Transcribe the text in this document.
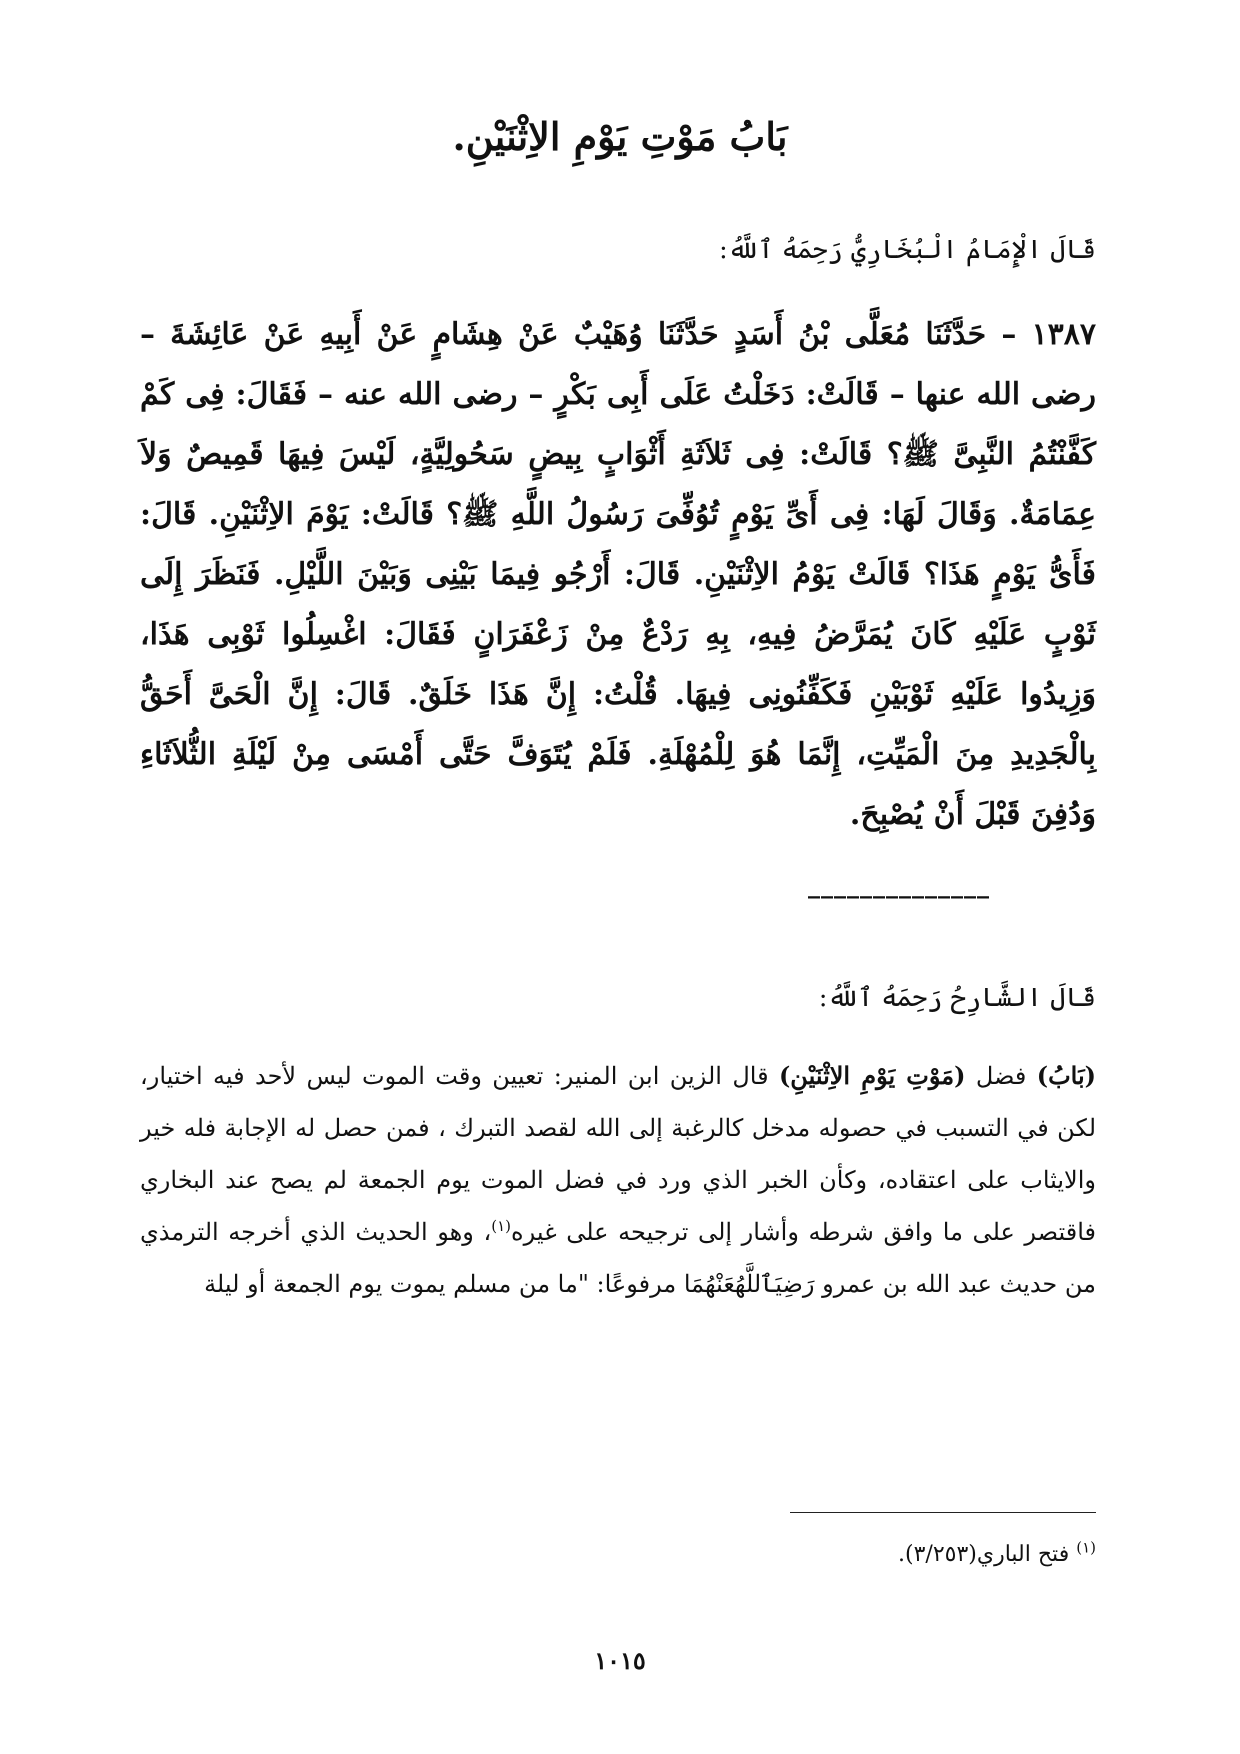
بَابُ مَوْتِ يَوْمِ الاِثْنَيْنِ.
قَالَ الْإِمَامُ الْبُخَارِيُّ رَحِمَهُ ٱللَّهُ:

١٣٨٧ – حَدَّثَنَا مُعَلَّى بْنُ أَسَدٍ حَدَّثَنَا وُهَيْبٌ عَنْ هِشَامٍ عَنْ أَبِيهِ عَنْ عَائِشَةَ – رضى الله عنها – قَالَتْ: دَخَلْتُ عَلَى أَبِى بَكْرٍ – رضى الله عنه – فَقَالَ: فِى كَمْ كَفَّنْتُمُ النَّبِىَّ ﷺ؟ قَالَتْ: فِى ثَلاَثَةِ أَثْوَابٍ بِيضٍ سَحُولِيَّةٍ، لَيْسَ فِيهَا قَمِيصٌ وَلاَ عِمَامَةٌ. وَقَالَ لَهَا: فِى أَىِّ يَوْمٍ تُوُفِّىَ رَسُولُ اللَّهِ ﷺ؟ قَالَتْ: يَوْمَ الاِثْنَيْنِ. قَالَ: فَأَىُّ يَوْمٍ هَذَا؟ قَالَتْ يَوْمُ الاِثْنَيْنِ. قَالَ: أَرْجُو فِيمَا بَيْنِى وَبَيْنَ اللَّيْلِ. فَنَظَرَ إِلَى ثَوْبٍ عَلَيْهِ كَانَ يُمَرَّضُ فِيهِ، بِهِ رَدْعٌ مِنْ زَعْفَرَانٍ فَقَالَ: اغْسِلُوا ثَوْبِى هَذَا، وَزِيدُوا عَلَيْهِ ثَوْبَيْنِ فَكَفِّنُونِى فِيهَا. قُلْتُ: إِنَّ هَذَا خَلَقٌ. قَالَ: إِنَّ الْحَىَّ أَحَقُّ بِالْجَدِيدِ مِنَ الْمَيِّتِ، إِنَّمَا هُوَ لِلْمُهْلَةِ. فَلَمْ يُتَوَفَّ حَتَّى أَمْسَى مِنْ لَيْلَةِ الثُّلاَثَاءِ وَدُفِنَ قَبْلَ أَنْ يُصْبِحَ.

______________
قَالَ الشَّارِحُ رَحِمَهُ ٱللَّهُ:

(بَابُ) فضل (مَوْتِ يَوْمِ الاِثْنَيْنِ) قال الزين ابن المنير: تعيين وقت الموت ليس لأحد فيه اختيار، لكن في التسبب في حصوله مدخل كالرغبة إلى الله لقصد التبرك ، فمن حصل له الإجابة فله خير والايثاب على اعتقاده، وكأن الخبر الذي ورد في فضل الموت يوم الجمعة لم يصح عند البخاري فاقتصر على ما وافق شرطه وأشار إلى ترجيحه على غيره$^{(١)}$، وهو الحديث الذي أخرجه الترمذي من حديث عبد الله بن عمرو رَضِيَٱللَّهُعَنْهُمَا مرفوعًا: "ما من مسلم يموت يوم الجمعة أو ليلة

$^{(١)}$ فتح الباري(٣/٢٥٣).
١٠١٥
